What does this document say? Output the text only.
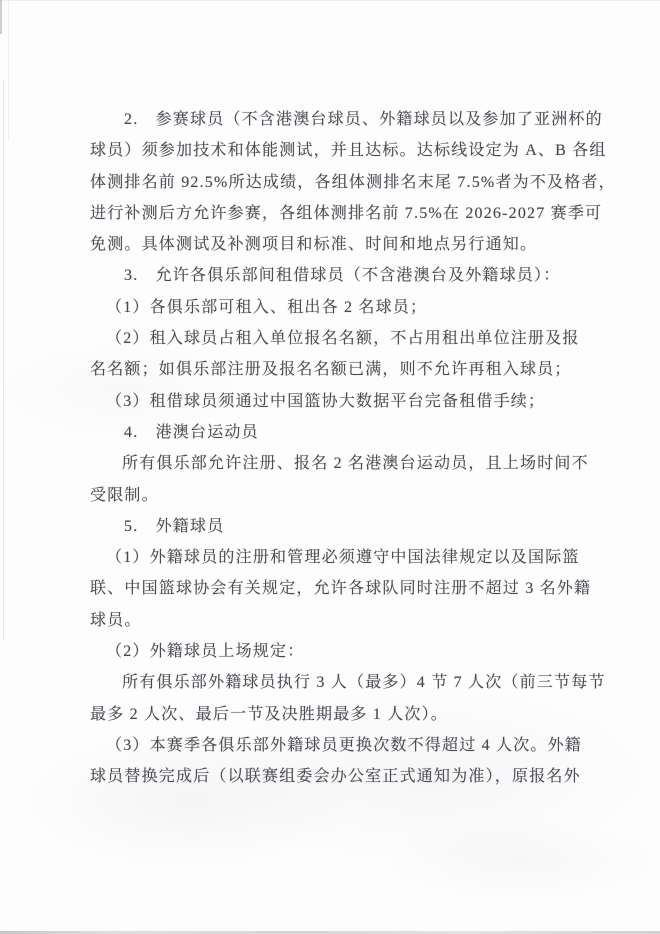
2.　参赛球员（不含港澳台球员、外籍球员以及参加了亚洲杯的
球员）须参加技术和体能测试，并且达标。达标线设定为 A、B 各组
体测排名前 92.5%所达成绩，各组体测排名末尾 7.5%者为不及格者，
进行补测后方允许参赛，各组体测排名前 7.5%在 2026-2027 赛季可
免测。具体测试及补测项目和标准、时间和地点另行通知。
3.　允许各俱乐部间租借球员（不含港澳台及外籍球员）：
（1）各俱乐部可租入、租出各 2 名球员；
（2）租入球员占租入单位报名名额，不占用租出单位注册及报
名名额；如俱乐部注册及报名名额已满，则不允许再租入球员；
（3）租借球员须通过中国篮协大数据平台完备租借手续；
4.　港澳台运动员
所有俱乐部允许注册、报名 2 名港澳台运动员，且上场时间不
受限制。
5.　外籍球员
（1）外籍球员的注册和管理必须遵守中国法律规定以及国际篮
联、中国篮球协会有关规定，允许各球队同时注册不超过 3 名外籍
球员。
（2）外籍球员上场规定：
所有俱乐部外籍球员执行 3 人（最多）4 节 7 人次（前三节每节
最多 2 人次、最后一节及决胜期最多 1 人次）。
（3）本赛季各俱乐部外籍球员更换次数不得超过 4 人次。外籍
球员替换完成后（以联赛组委会办公室正式通知为准），原报名外
